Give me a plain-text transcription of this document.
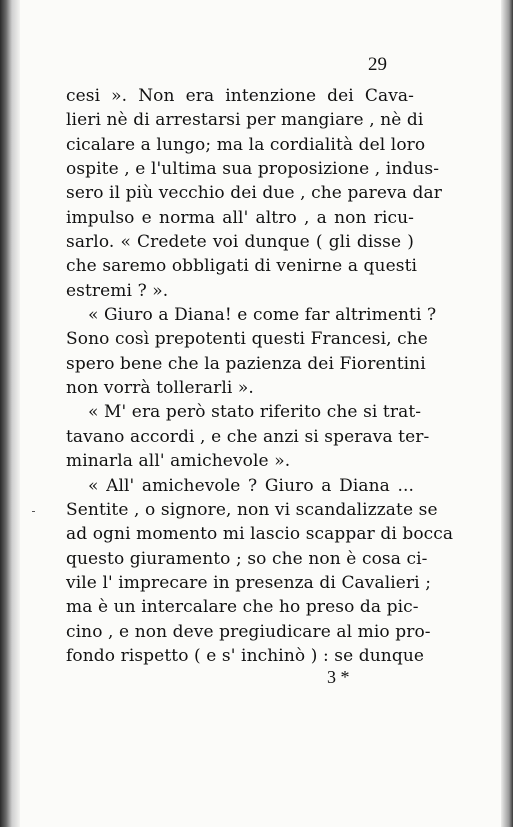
29
cesi ». Non era intenzione dei Cava-
lieri nè di arrestarsi per mangiare , nè di
cicalare a lungo; ma la cordialità del loro
ospite , e l'ultima sua proposizione , indus-
sero il più vecchio dei due , che pareva dar
impulso e norma all' altro , a non ricu-
sarlo. « Credete voi dunque ( gli disse )
che saremo obbligati di venirne a questi
estremi ? ».
« Giuro a Diana! e come far altrimenti ?
Sono così prepotenti questi Francesi, che
spero bene che la pazienza dei Fiorentini
non vorrà tollerarli ».
« M' era però stato riferito che si trat-
tavano accordi , e che anzi si sperava ter-
minarla all' amichevole ».
« All' amichevole ? Giuro a Diana ...
Sentite , o signore, non vi scandalizzate se
ad ogni momento mi lascio scappar di bocca
questo giuramento ; so che non è cosa ci-
vile l' imprecare in presenza di Cavalieri ;
ma è un intercalare che ho preso da pic-
cino , e non deve pregiudicare al mio pro-
fondo rispetto ( e s' inchinò ) : se dunque
3 *
